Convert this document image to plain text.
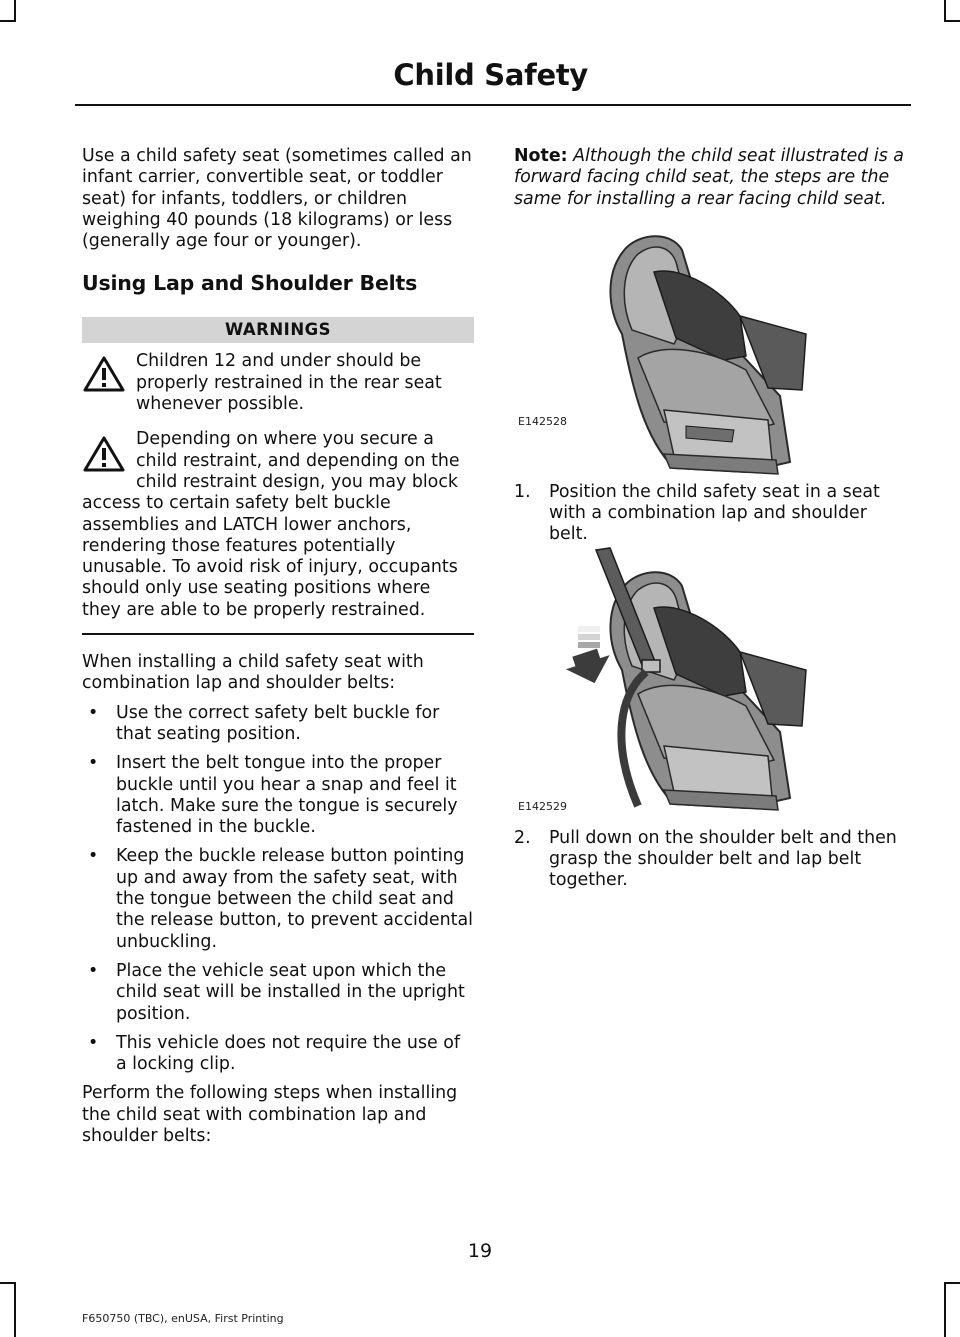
Child Safety

Use a child safety seat (sometimes called an infant carrier, convertible seat, or toddler seat) for infants, toddlers, or children weighing 40 pounds (18 kilograms) or less (generally age four or younger).

Using Lap and Shoulder Belts
WARNINGS
Children 12 and under should be properly restrained in the rear seat whenever possible.
Depending on where you secure a child restraint, and depending on the child restraint design, you may block
access to certain safety belt buckle assemblies and LATCH lower anchors, rendering those features potentially unusable. To avoid risk of injury, occupants should only use seating positions where they are able to be properly restrained.

When installing a child safety seat with combination lap and shoulder belts:

• Use the correct safety belt buckle for that seating position.
• Insert the belt tongue into the proper buckle until you hear a snap and feel it latch. Make sure the tongue is securely fastened in the buckle.
• Keep the buckle release button pointing up and away from the safety seat, with the tongue between the child seat and the release button, to prevent accidental unbuckling.
• Place the vehicle seat upon which the child seat will be installed in the upright position.
• This vehicle does not require the use of a locking clip.

Perform the following steps when installing the child seat with combination lap and shoulder belts:

Note: Although the child seat illustrated is a forward facing child seat, the steps are the same for installing a rear facing child seat.

E142528
1. Position the child safety seat in a seat with a combination lap and shoulder belt.
E142529
2. Pull down on the shoulder belt and then grasp the shoulder belt and lap belt together.
19
F650750 (TBC), enUSA, First Printing
